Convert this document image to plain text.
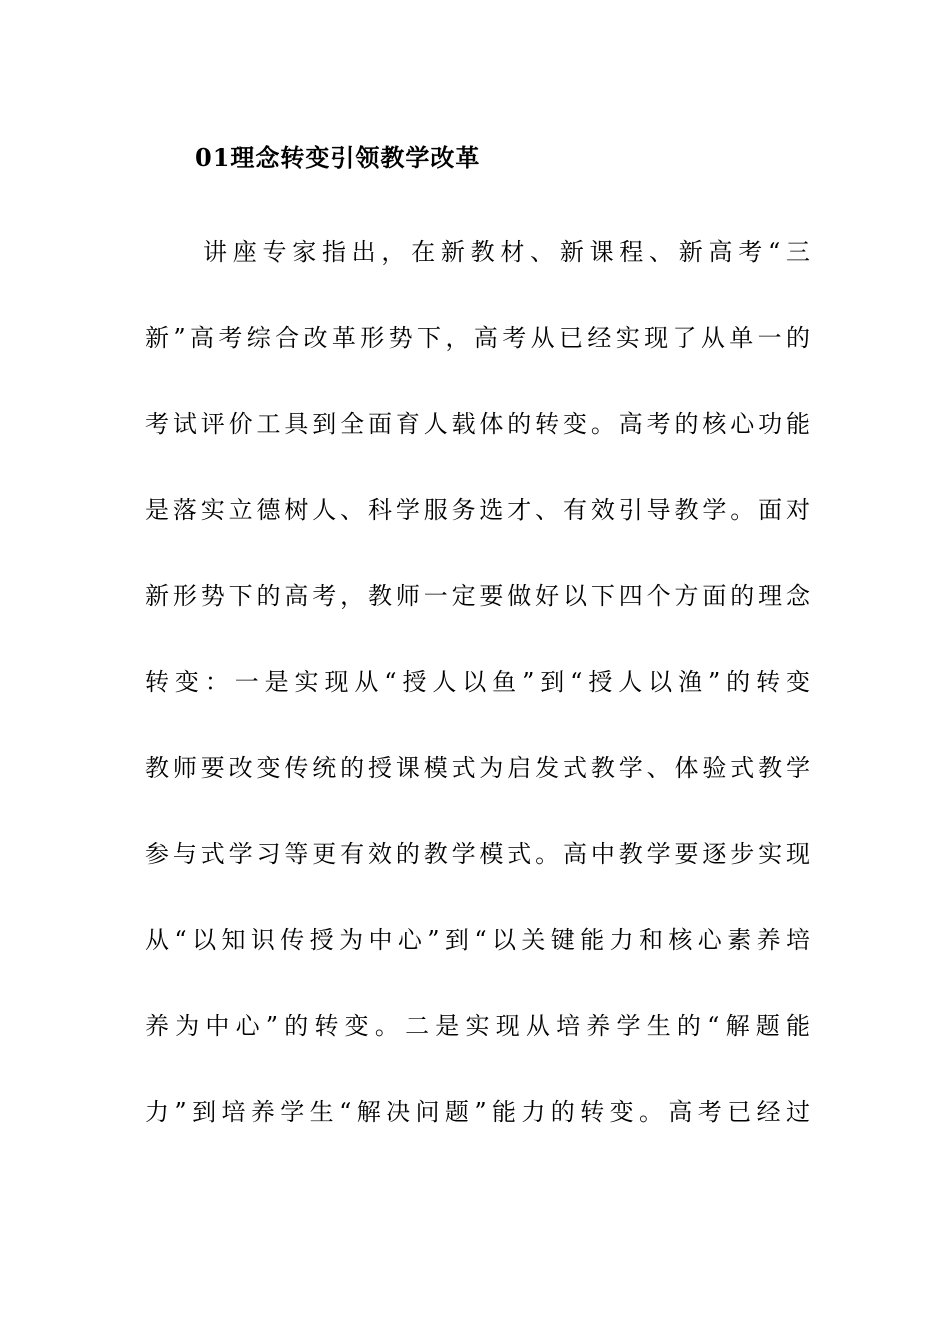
01理念转变引领教学改革
讲座专家指出，在新教材、新课程、新高考“三
新”高考综合改革形势下，高考从已经实现了从单一的
考试评价工具到全面育人载体的转变。高考的核心功能
是落实立德树人、科学服务选才、有效引导教学。面对
新形势下的高考，教师一定要做好以下四个方面的理念
转变：一是实现从“授人以鱼”到“授人以渔”的转变
教师要改变传统的授课模式为启发式教学、体验式教学
参与式学习等更有效的教学模式。高中教学要逐步实现
从“以知识传授为中心”到“以关键能力和核心素养培
养为中心”的转变。二是实现从培养学生的“解题能
力”到培养学生“解决问题”能力的转变。高考已经过
